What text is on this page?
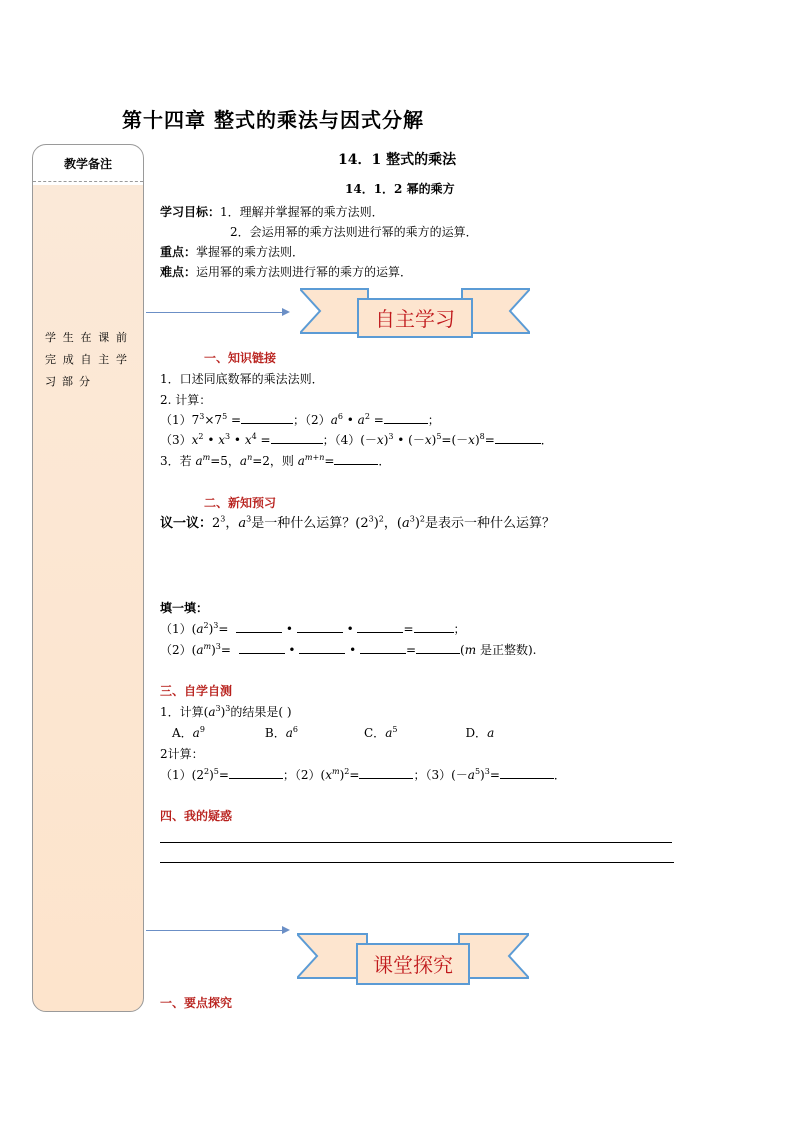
第十四章 整式的乘法与因式分解
教学备注
学生在课前完成自主学习部分
14．1 整式的乘法
14．1．2 幂的乘方
学习目标：1．理解并掌握幂的乘方法则．
2．会运用幂的乘方法则进行幂的乘方的运算．
重点：掌握幂的乘方法则．
难点：运用幂的乘方法则进行幂的乘方的运算．
自主学习
一、知识链接
1．口述同底数幂的乘法法则．
2. 计算：
$(1)7^3\times 7^5$ =	；$(2)a^6$ • $a^2$ =	；
$(3)x^2$ • $x^3$ • $x^4$ =	；$(4)(-x)^3$ • $(-x)^5=(-x)^8=$	．
3．若 $a^m=5$，$a^n=2$，则 $a^{m+n}=$	．
二、新知预习
议一议：$2^3$，$a^3$是一种什么运算？$(2^3)^2$，$(a^3)^2$是表示一种什么运算？
填一填：
$(1)(a^2)^3=$	•	•	=	；
$(2)(a^m)^3=$	•	•	=	(m 是正整数).
三、自学自测
1．计算$(a^3)^3$的结果是( )
A．$a^9$	B．$a^6$	C．$a^5$	D．a
2计算：
$(1)(2^2)^5=$	；$(2)(x^m)^2=$	；$(3)(-a^5)^3=$	．
四、我的疑惑
课堂探究
一、要点探究
